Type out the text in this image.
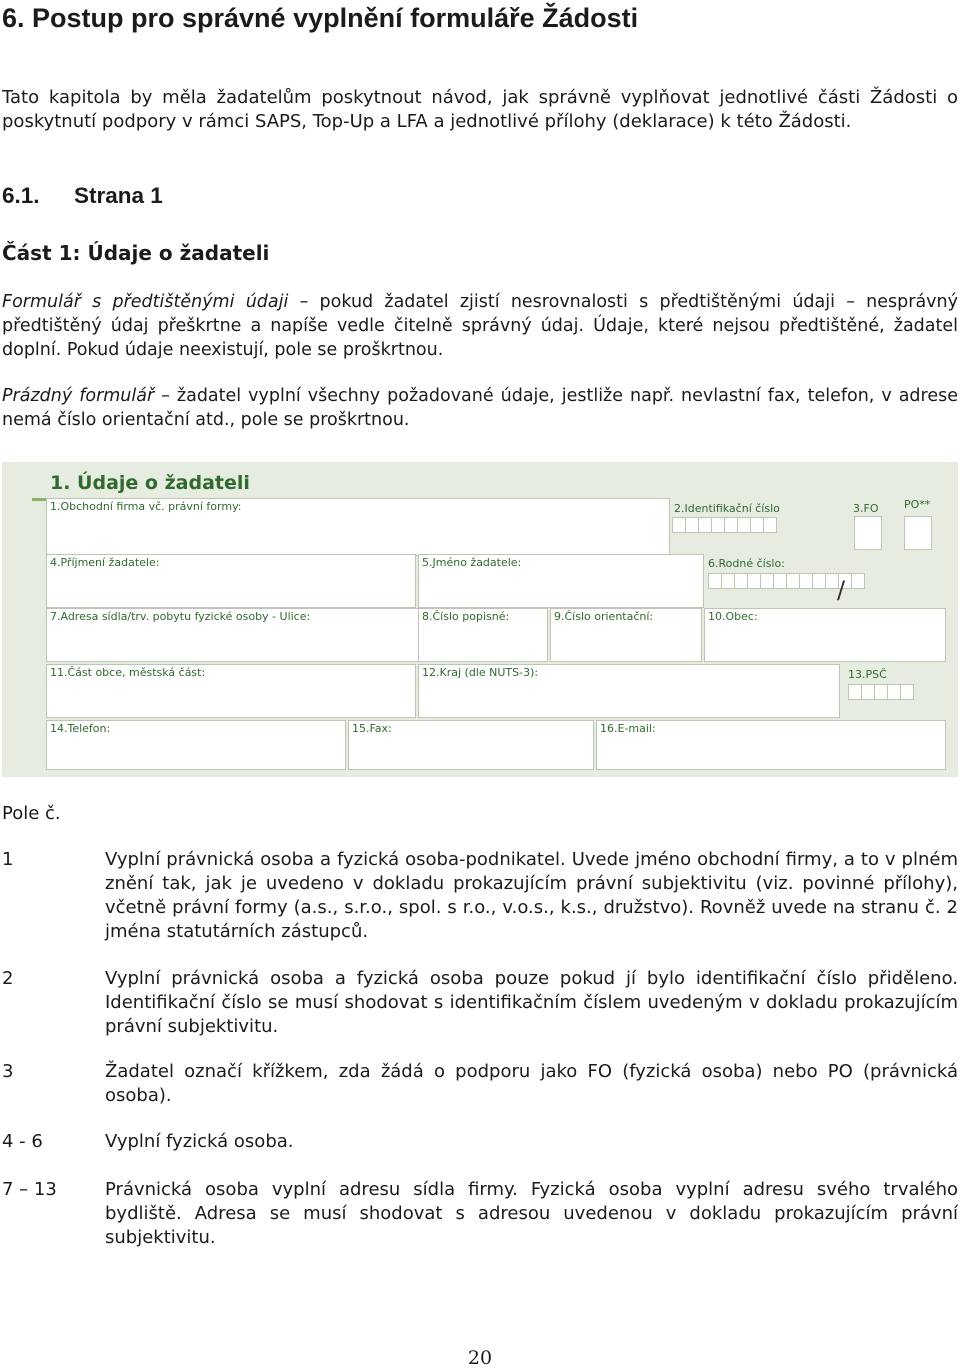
6. Postup pro správné vyplnění formuláře Žádosti
Tato kapitola by měla žadatelům poskytnout návod, jak správně vyplňovat jednotlivé části Žádosti o poskytnutí podpory v rámci SAPS, Top-Up a LFA a jednotlivé přílohy (deklarace) k této Žádosti.
6.1. Strana 1
Část 1: Údaje o žadateli
Formulář s předtištěnými údaji – pokud žadatel zjistí nesrovnalosti s předtištěnými údaji – nesprávný předtištěný údaj přeškrtne a napíše vedle čitelně správný údaj. Údaje, které nejsou předtištěné, žadatel doplní. Pokud údaje neexistují, pole se proškrtnou.
Prázdný formulář – žadatel vyplní všechny požadované údaje, jestliže např. nevlastní fax, telefon, v adrese nemá číslo orientační atd., pole se proškrtnou.
1. Údaje o žadateli
1.Obchodní firma vč. právní formy:	2.Identifikační číslo	3.FO PO**
4.Příjmení žadatele:	5.Jméno žadatele:	6.Rodné číslo:
/
7.Adresa sídla/trv. pobytu fyzické osoby - Ulice:	8.Číslo popisné:	9.Číslo orientační:	10.Obec:
11.Část obce, městská část:	12.Kraj (dle NUTS-3):	13.PSČ
14.Telefon:	15.Fax:	16.E-mail:
Pole č.
1	Vyplní právnická osoba a fyzická osoba-podnikatel. Uvede jméno obchodní firmy, a to v plném znění tak, jak je uvedeno v dokladu prokazujícím právní subjektivitu (viz. povinné přílohy), včetně právní formy (a.s., s.r.o., spol. s r.o., v.o.s., k.s., družstvo). Rovněž uvede na stranu č. 2 jména statutárních zástupců.
2	Vyplní právnická osoba a fyzická osoba pouze pokud jí bylo identifikační číslo přiděleno. Identifikační číslo se musí shodovat s identifikačním číslem uvedeným v dokladu prokazujícím právní subjektivitu.
3	Žadatel označí křížkem, zda žádá o podporu jako FO (fyzická osoba) nebo PO (právnická osoba).
4 - 6	Vyplní fyzická osoba.
7 – 13	Právnická osoba vyplní adresu sídla firmy. Fyzická osoba vyplní adresu svého trvalého bydliště. Adresa se musí shodovat s adresou uvedenou v dokladu prokazujícím právní subjektivitu.
20
